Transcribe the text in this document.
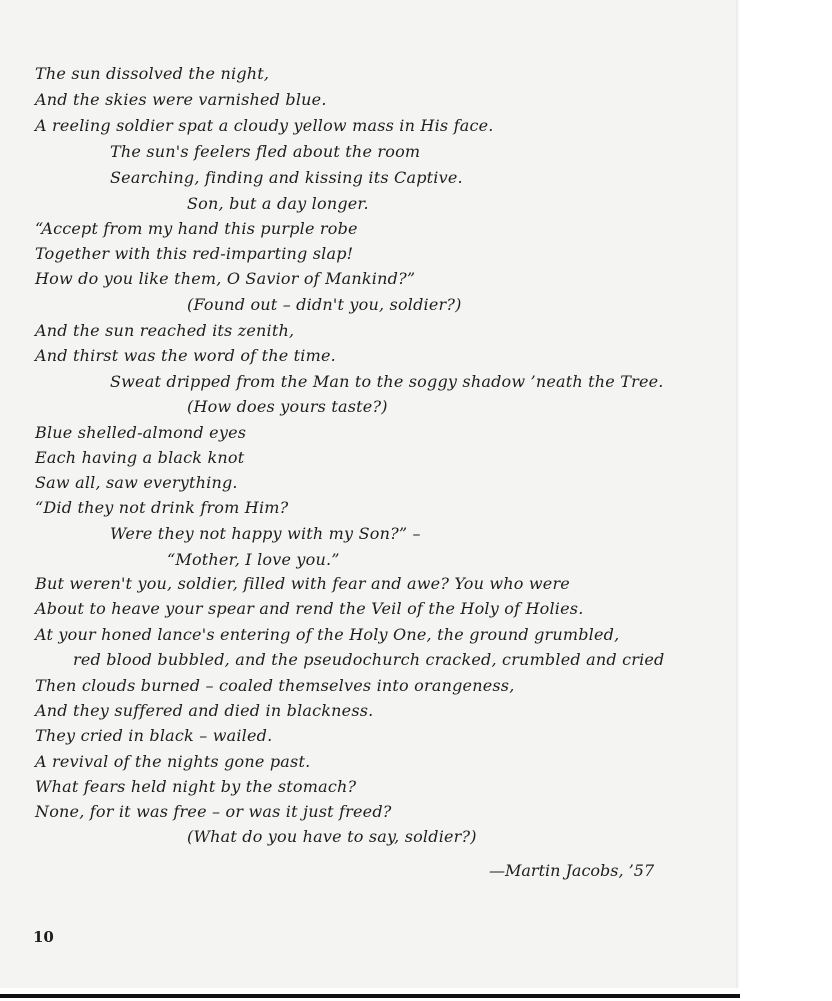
The sun dissolved the night,
And the skies were varnished blue.
A reeling soldier spat a cloudy yellow mass in His face.
The sun's feelers fled about the room
Searching, finding and kissing its Captive.
Son, but a day longer.
“Accept from my hand this purple robe
Together with this red-imparting slap!
How do you like them, O Savior of Mankind?”
(Found out – didn't you, soldier?)
And the sun reached its zenith,
And thirst was the word of the time.
Sweat dripped from the Man to the soggy shadow ’neath the Tree.
(How does yours taste?)
Blue shelled-almond eyes
Each having a black knot
Saw all, saw everything.
“Did they not drink from Him?
Were they not happy with my Son?” –
“Mother, I love you.”
But weren't you, soldier, filled with fear and awe? You who were
About to heave your spear and rend the Veil of the Holy of Holies.
At your honed lance's entering of the Holy One, the ground grumbled,
red blood bubbled, and the pseudochurch cracked, crumbled and cried
Then clouds burned – coaled themselves into orangeness,
And they suffered and died in blackness.
They cried in black – wailed.
A revival of the nights gone past.
What fears held night by the stomach?
None, for it was free – or was it just freed?
(What do you have to say, soldier?)
—Martin Jacobs, ’57
10
